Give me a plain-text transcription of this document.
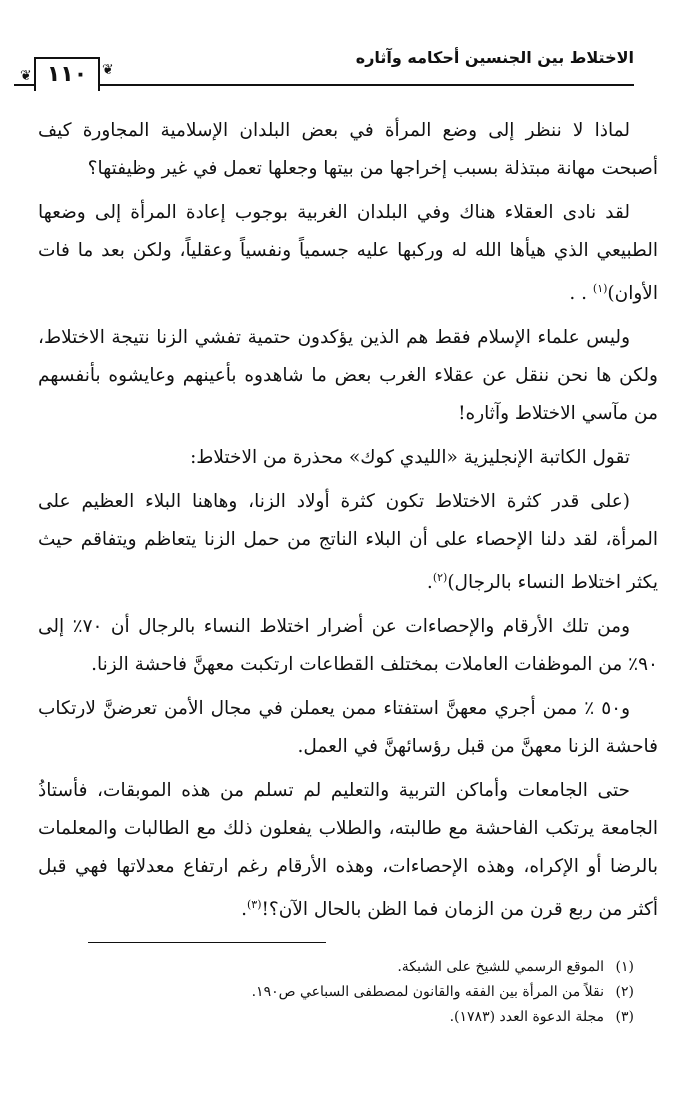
الاختلاط بين الجنسين أحكامه وآثاره
١١٠	❦
❦

لماذا لا ننظر إلى وضع المرأة في بعض البلدان الإسلامية المجاورة كيف أصبحت مهانة مبتذلة بسبب إخراجها من بيتها وجعلها تعمل في غير وظيفتها؟

لقد نادى العقلاء هناك وفي البلدان الغربية بوجوب إعادة المرأة إلى وضعها الطبيعي الذي هيأها الله له وركبها عليه جسمياً ونفسياً وعقلياً، ولكن بعد ما فات الأوان)$^{(١)}$ . .

وليس علماء الإسلام فقط هم الذين يؤكدون حتمية تفشي الزنا نتيجة الاختلاط، ولكن ها نحن ننقل عن عقلاء الغرب بعض ما شاهدوه بأعينهم وعايشوه بأنفسهم من مآسي الاختلاط وآثاره!

تقول الكاتبة الإنجليزية «الليدي كوك» محذرة من الاختلاط:

(على قدر كثرة الاختلاط تكون كثرة أولاد الزنا، وهاهنا البلاء العظيم على المرأة، لقد دلنا الإحصاء على أن البلاء الناتج من حمل الزنا يتعاظم ويتفاقم حيث يكثر اختلاط النساء بالرجال)$^{(٢)}$.

ومن تلك الأرقام والإحصاءات عن أضرار اختلاط النساء بالرجال أن ٧٠٪ إلى ٩٠٪ من الموظفات العاملات بمختلف القطاعات ارتكبت معهنَّ فاحشة الزنا.

و٥٠ ٪ ممن أجري معهنَّ استفتاء ممن يعملن في مجال الأمن تعرضنَّ لارتكاب فاحشة الزنا معهنَّ من قبل رؤسائهنَّ في العمل.

حتى الجامعات وأماكن التربية والتعليم لم تسلم من هذه الموبقات، فأستاذُ الجامعة يرتكب الفاحشة مع طالبته، والطلاب يفعلون ذلك مع الطالبات والمعلمات بالرضا أو الإكراه، وهذه الإحصاءات، وهذه الأرقام رغم ارتفاع معدلاتها فهي قبل أكثر من ربع قرن من الزمان فما الظن بالحال الآن؟!$^{(٣)}$.

(١)الموقع الرسمي للشيخ على الشبكة.
(٢)نقلاً من المرأة بين الفقه والقانون لمصطفى السباعي ص١٩٠.
(٣)مجلة الدعوة العدد (١٧٨٣).
